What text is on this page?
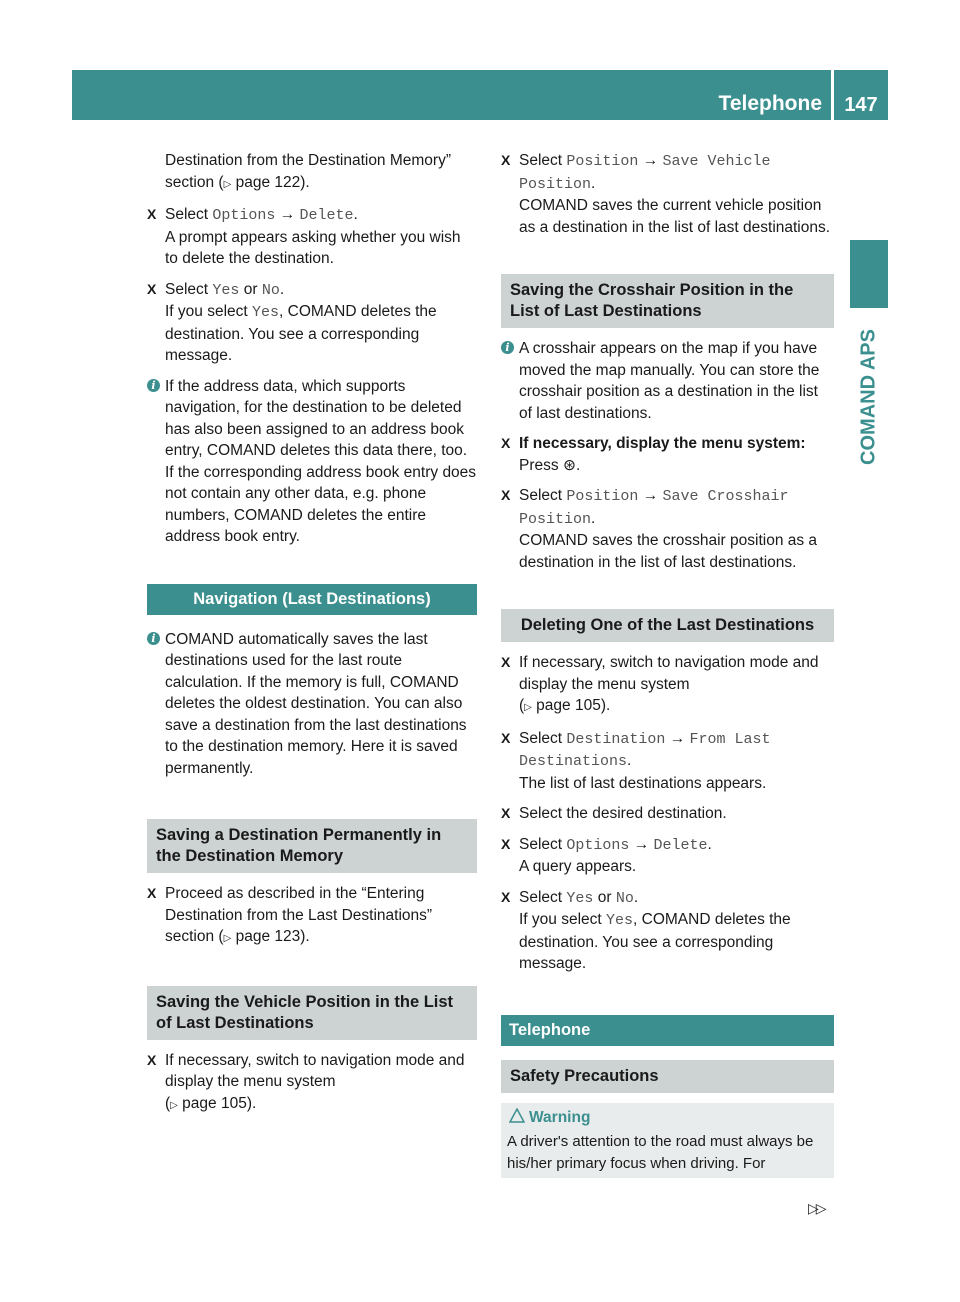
Telephone	147
COMAND APS

Destination from the Destination Memory” section (▷ page 122).

X Select Options → Delete.
A prompt appears asking whether you wish to delete the destination.
X Select Yes or No.
If you select Yes, COMAND deletes the destination. You see a corresponding message.
i If the address data, which supports navigation, for the destination to be deleted has also been assigned to an address book entry, COMAND deletes this data there, too. If the corresponding address book entry does not contain any other data, e.g. phone numbers, COMAND deletes the entire address book entry.
Navigation (Last Destinations)
i COMAND automatically saves the last destinations used for the last route calculation. If the memory is full, COMAND deletes the oldest destination. You can also save a destination from the last destinations to the destination memory. Here it is saved permanently.
Saving a Destination Permanently in the Destination Memory
X Proceed as described in the “Entering Destination from the Last Destinations” section (▷ page 123).
Saving the Vehicle Position in the List of Last Destinations
X If necessary, switch to navigation mode and display the menu system
(▷ page 105).
X Select Position → Save Vehicle Position.
COMAND saves the current vehicle position as a destination in the list of last destinations.
Saving the Crosshair Position in the List of Last Destinations
i A crosshair appears on the map if you have moved the map manually. You can store the crosshair position as a destination in the list of last destinations.
X If necessary, display the menu system:
Press ⊛.
X Select Position → Save Crosshair Position.
COMAND saves the crosshair position as a destination in the list of last destinations.
Deleting One of the Last Destinations
X If necessary, switch to navigation mode and display the menu system
(▷ page 105).
X Select Destination → From Last Destinations.
The list of last destinations appears.
X Select the desired destination.
X Select Options → Delete.
A query appears.
X Select Yes or No.
If you select Yes, COMAND deletes the destination. You see a corresponding message.
Telephone
Safety Precautions
Warning
A driver's attention to the road must always be his/her primary focus when driving. For
▷▷
